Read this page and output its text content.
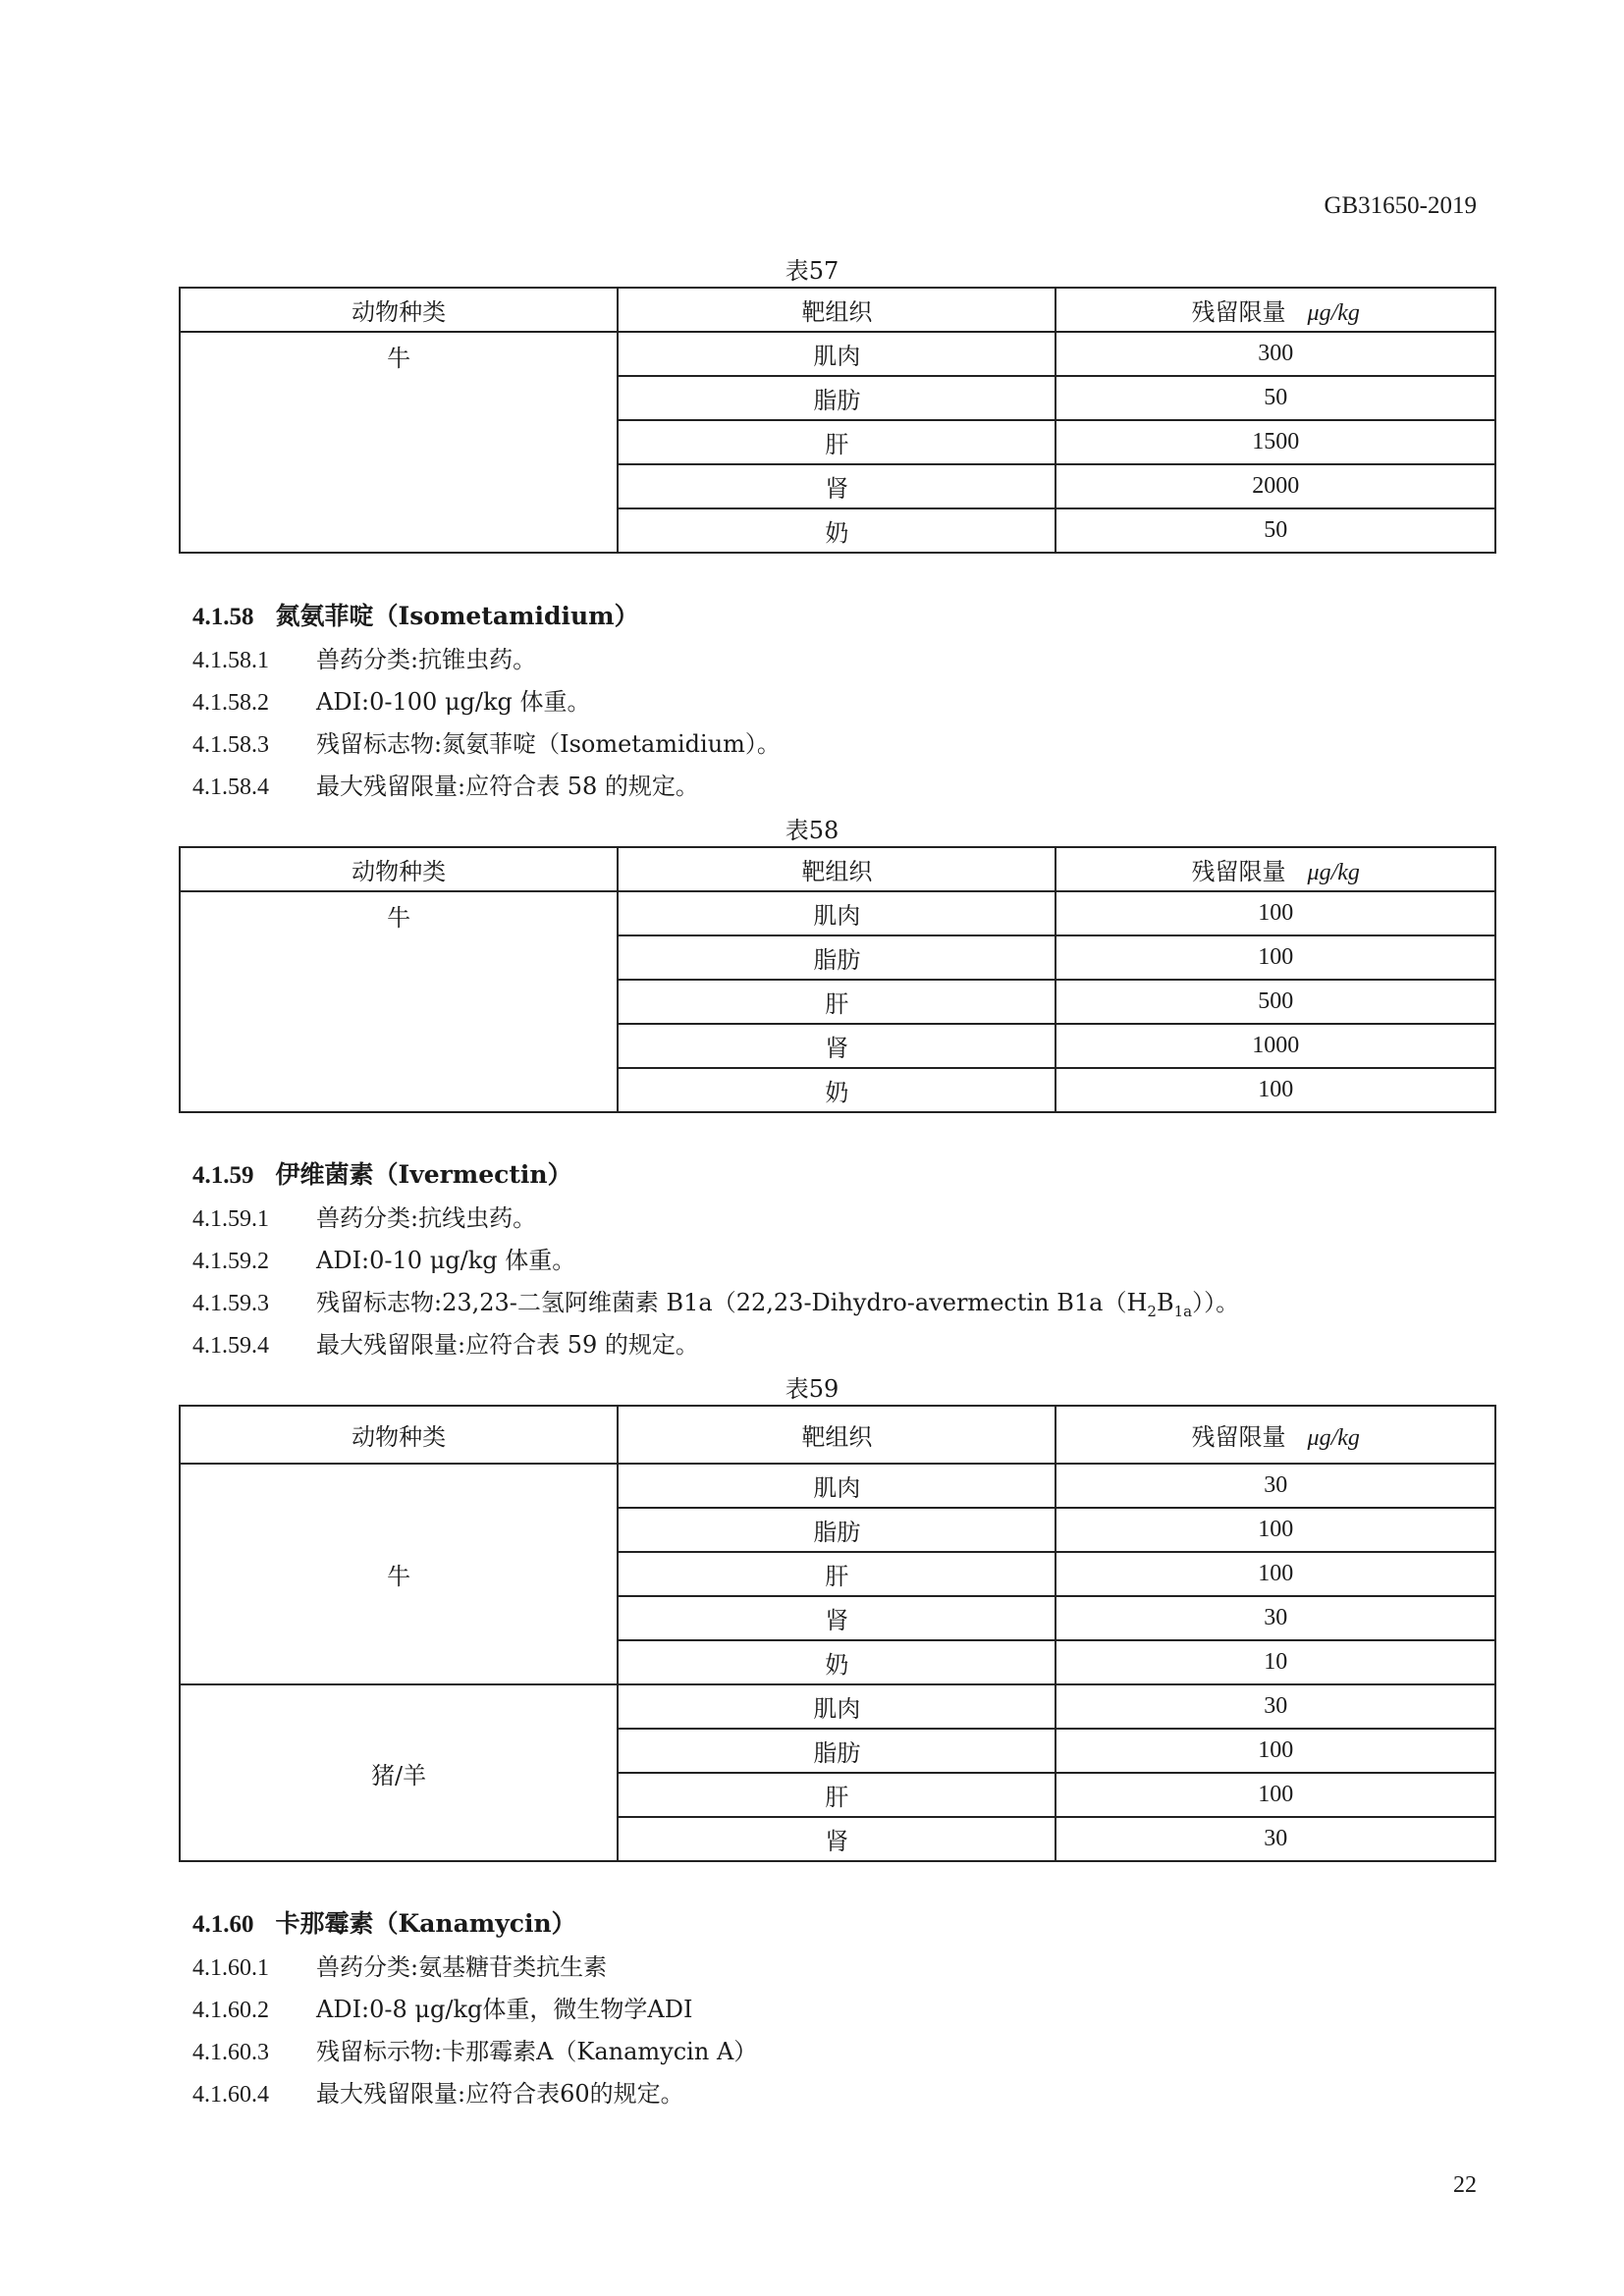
GB31650-2019
表57
动物种类	靶组织	残留限量 μg/kg
牛	肌肉	300
	脂肪	50
	肝	1500
	肾	2000
	奶	50
4.1.58 氮氨菲啶（Isometamidium）
4.1.58.1 兽药分类:抗锥虫药。
4.1.58.2 ADI:0-100 μg/kg 体重。
4.1.58.3 残留标志物:氮氨菲啶（Isometamidium）。
4.1.58.4 最大残留限量:应符合表 58 的规定。
表58
动物种类	靶组织	残留限量 μg/kg
牛	肌肉	100
	脂肪	100
	肝	500
	肾	1000
	奶	100
4.1.59 伊维菌素（Ivermectin）
4.1.59.1 兽药分类:抗线虫药。
4.1.59.2 ADI:0-10 μg/kg 体重。
4.1.59.3 残留标志物:23,23-二氢阿维菌素 B1a（22,23-Dihydro-avermectin $B1a(H_2B_{1a})$）。
4.1.59.4 最大残留限量:应符合表 59 的规定。
表59
动物种类	靶组织	残留限量 μg/kg
牛	肌肉	30
	脂肪	100
	肝	100
	肾	30
	奶	10
猪/羊	肌肉	30
	脂肪	100
	肝	100
	肾	30
4.1.60 卡那霉素（Kanamycin）
4.1.60.1 兽药分类:氨基糖苷类抗生素
4.1.60.2 ADI:0-8 μg/kg体重，微生物学ADI
4.1.60.3 残留标示物:卡那霉素A（Kanamycin A）
4.1.60.4 最大残留限量:应符合表60的规定。
22
